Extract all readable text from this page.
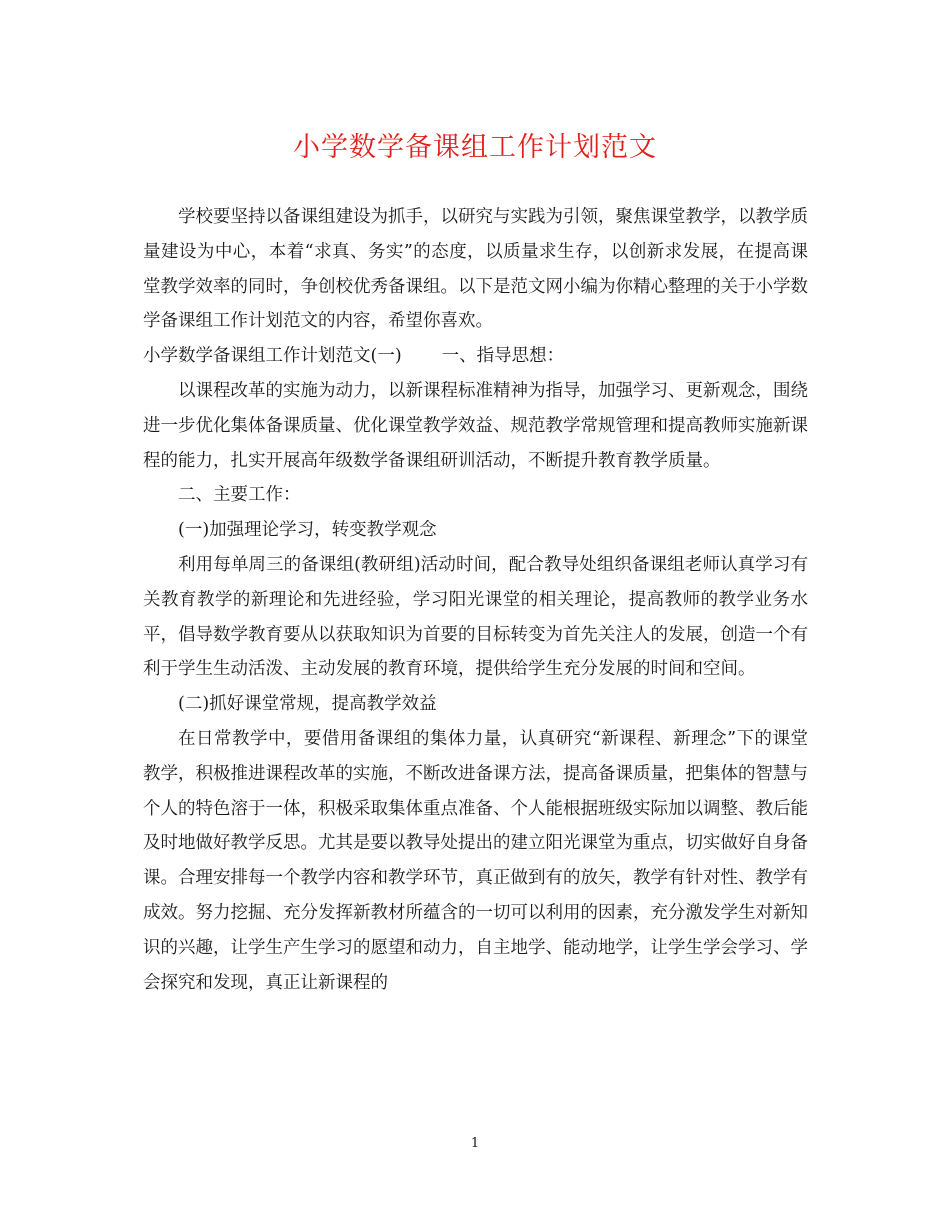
小学数学备课组工作计划范文

学校要坚持以备课组建设为抓手，以研究与实践为引领，聚焦课堂教学，以教学质量建设为中心，本着“求真、务实”的态度，以质量求生存，以创新求发展，在提高课堂教学效率的同时，争创校优秀备课组。以下是范文网小编为你精心整理的关于小学数学备课组工作计划范文的内容，希望你喜欢。

小学数学备课组工作计划范文(一) 一、指导思想：

以课程改革的实施为动力，以新课程标准精神为指导，加强学习、更新观念，围绕进一步优化集体备课质量、优化课堂教学效益、规范教学常规管理和提高教师实施新课程的能力，扎实开展高年级数学备课组研训活动，不断提升教育教学质量。

二、主要工作：

(一)加强理论学习，转变教学观念

利用每单周三的备课组(教研组)活动时间，配合教导处组织备课组老师认真学习有关教育教学的新理论和先进经验，学习阳光课堂的相关理论，提高教师的教学业务水平，倡导数学教育要从以获取知识为首要的目标转变为首先关注人的发展，创造一个有利于学生生动活泼、主动发展的教育环境，提供给学生充分发展的时间和空间。

(二)抓好课堂常规，提高教学效益

在日常教学中，要借用备课组的集体力量，认真研究“新课程、新理念”下的课堂教学，积极推进课程改革的实施，不断改进备课方法，提高备课质量，把集体的智慧与个人的特色溶于一体，积极采取集体重点准备、个人能根据班级实际加以调整、教后能及时地做好教学反思。尤其是要以教导处提出的建立阳光课堂为重点，切实做好自身备课。合理安排每一个教学内容和教学环节，真正做到有的放矢，教学有针对性、教学有成效。努力挖掘、充分发挥新教材所蕴含的一切可以利用的因素，充分激发学生对新知识的兴趣，让学生产生学习的愿望和动力，自主地学、能动地学，让学生学会学习、学会探究和发现，真正让新课程的

1
